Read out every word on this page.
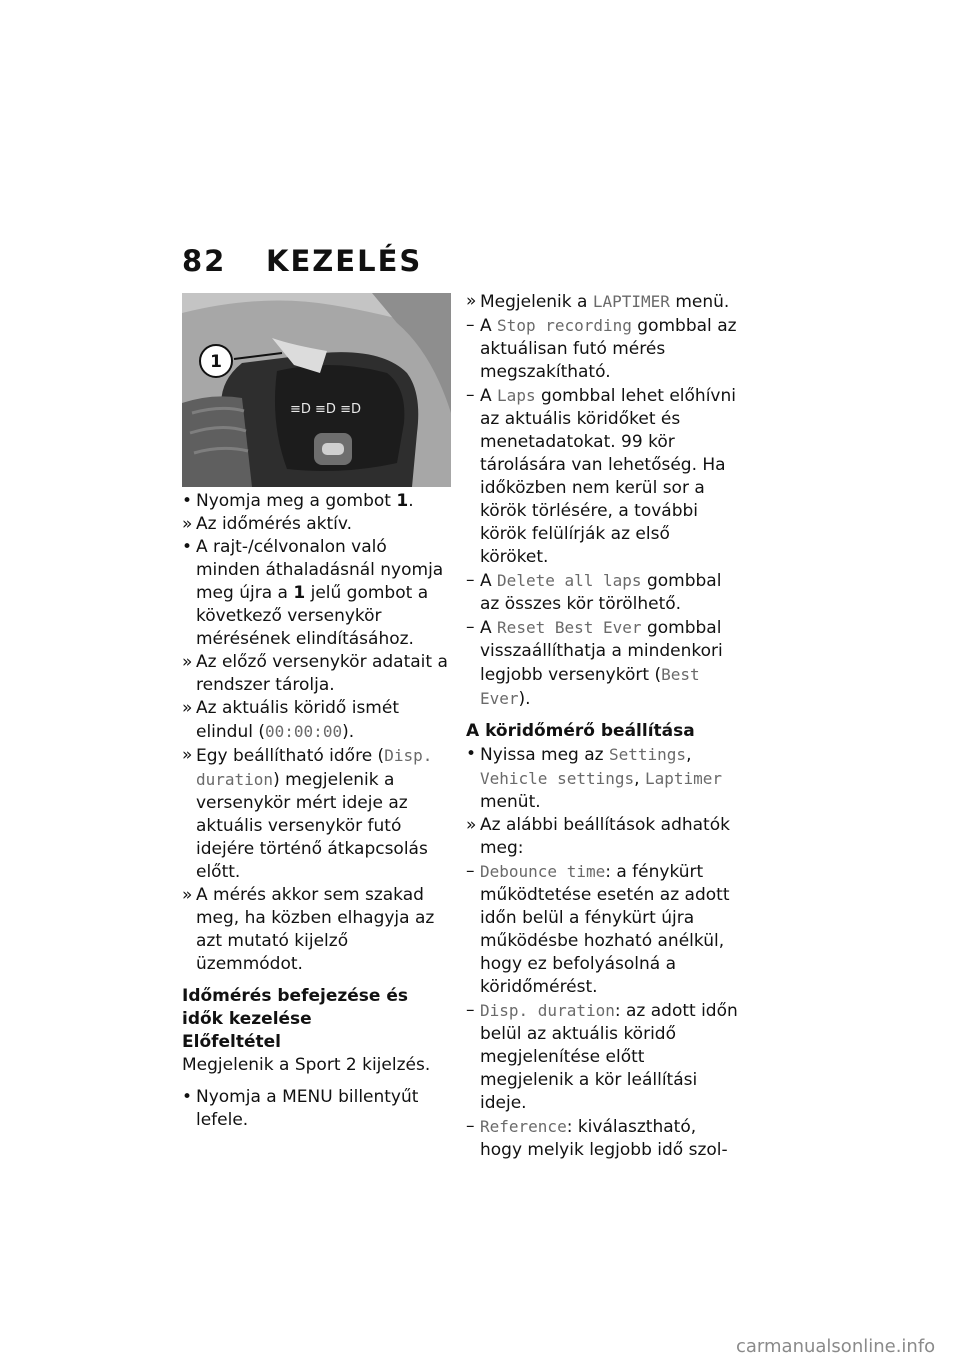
82 KEZELÉS
≡D ≡D ≡D
1
• Nyomja meg a gombot 1.
» Az időmérés aktív.
• A rajt-/célvonalon való minden áthaladásnál nyomja meg újra a 1 jelű gombot a következő versenykör mérésének elindításához.
» Az előző versenykör adatait a rendszer tárolja.
» Az aktuális köridő ismét elindul (00:00:00).
» Egy beállítható időre (Disp. duration) megjelenik a versenykör mért ideje az aktuális versenykör futó idejére történő átkapcsolás előtt.
» A mérés akkor sem szakad meg, ha közben elhagyja az azt mutató kijelző üzemmódot.
Időmérés befejezése és idők kezelése
Előfeltétel
Megjelenik a Sport 2 kijelzés.
• Nyomja a MENU billentyűt lefele.
» Megjelenik a LAPTIMER menü.
– A Stop recording gombbal az aktuálisan futó mérés megszakítható.
– A Laps gombbal lehet előhívni az aktuális köridőket és menetadatokat. 99 kör tárolására van lehetőség. Ha időközben nem kerül sor a körök törlésére, a további körök felülírják az első köröket.
– A Delete all laps gombbal az összes kör törölhető.
– A Reset Best Ever gombbal visszaállíthatja a mindenkori legjobb versenykört (Best Ever).
A köridőmérő beállítása
• Nyissa meg az Settings, Vehicle settings, Laptimer menüt.
» Az alábbi beállítások adhatók meg:
– Debounce time: a fénykürt működtetése esetén az adott időn belül a fénykürt újra működésbe hozható anélkül, hogy ez befolyásolná a köridőmérést.
– Disp. duration: az adott időn belül az aktuális köridő megjelenítése előtt megjelenik a kör leállítási ideje.
– Reference: kiválasztható, hogy melyik legjobb idő szol-
carmanualsonline.info
